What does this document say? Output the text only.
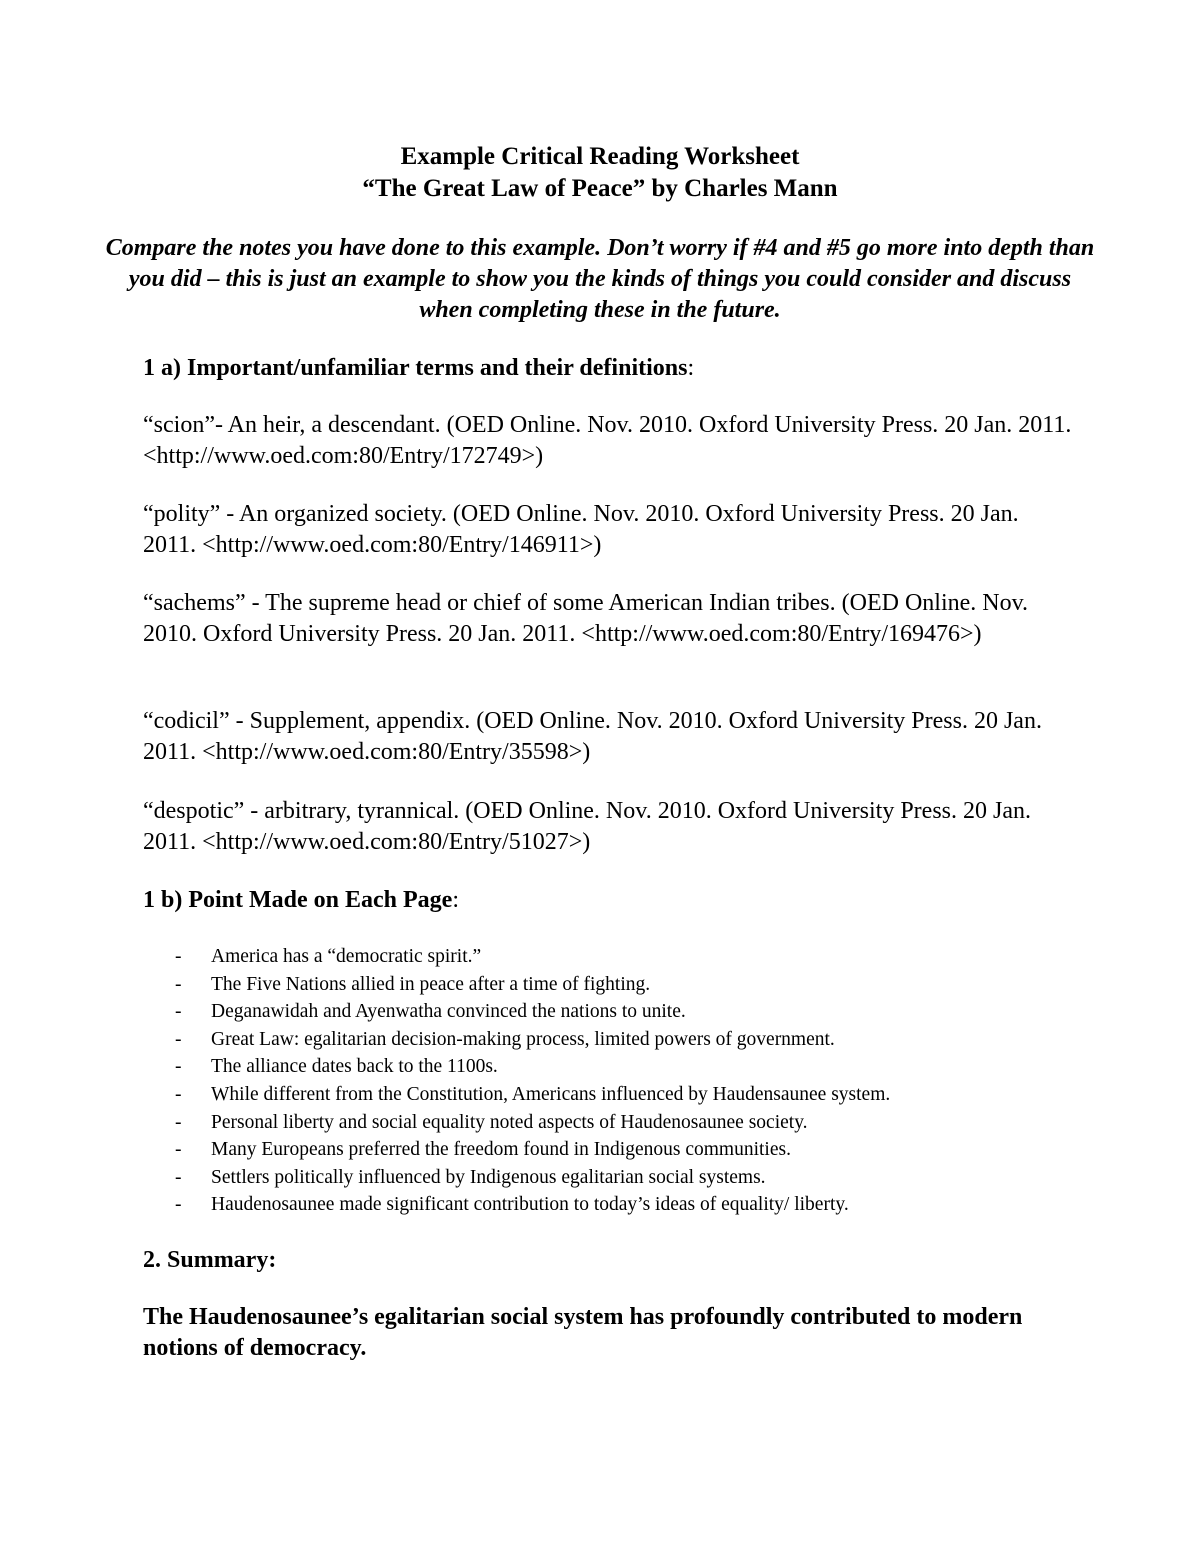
Example Critical Reading Worksheet
“The Great Law of Peace” by Charles Mann
Compare the notes you have done to this example. Don’t worry if #4 and #5 go more into depth than you did – this is just an example to show you the kinds of things you could consider and discuss when completing these in the future.
1 a) Important/unfamiliar terms and their definitions:
“scion”- An heir, a descendant. (OED Online. Nov. 2010. Oxford University Press. 20 Jan. 2011. <http://www.oed.com:80/Entry/172749>)
“polity” - An organized society. (OED Online. Nov. 2010. Oxford University Press. 20 Jan. 2011. <http://www.oed.com:80/Entry/146911>)
“sachems” - The supreme head or chief of some American Indian tribes. (OED Online. Nov. 2010. Oxford University Press. 20 Jan. 2011. <http://www.oed.com:80/Entry/169476>)
“codicil” - Supplement, appendix. (OED Online. Nov. 2010. Oxford University Press. 20 Jan. 2011. <http://www.oed.com:80/Entry/35598>)
“despotic” - arbitrary, tyrannical. (OED Online. Nov. 2010. Oxford University Press. 20 Jan. 2011. <http://www.oed.com:80/Entry/51027>)
1 b) Point Made on Each Page:
- America has a “democratic spirit.”
- The Five Nations allied in peace after a time of fighting.
- Deganawidah and Ayenwatha convinced the nations to unite.
- Great Law: egalitarian decision-making process, limited powers of government.
- The alliance dates back to the 1100s.
- While different from the Constitution, Americans influenced by Haudensaunee system.
- Personal liberty and social equality noted aspects of Haudenosaunee society.
- Many Europeans preferred the freedom found in Indigenous communities.
- Settlers politically influenced by Indigenous egalitarian social systems.
- Haudenosaunee made significant contribution to today’s ideas of equality/ liberty.
2. Summary:
The Haudenosaunee’s egalitarian social system has profoundly contributed to modern notions of democracy.
